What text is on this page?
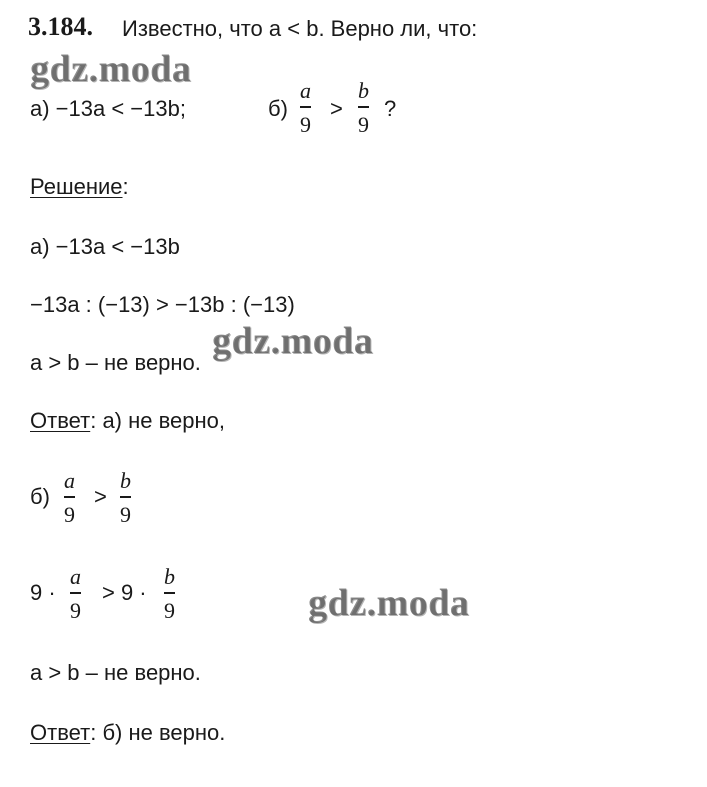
3.184. Известно, что a < b. Верно ли, что:
gdz.moda
а) −13a < −13b;	б)
a
9
>
b
9
?
Решение:
а) −13a < −13b
−13a : (−13) > −13b : (−13)
gdz.moda
a > b – не верно.
Ответ: а) не верно,
б)
a
9
>
b
9
9 ·
a
9
> 9 ·
b
9	gdz.moda
a > b – не верно.
Ответ: б) не верно.
